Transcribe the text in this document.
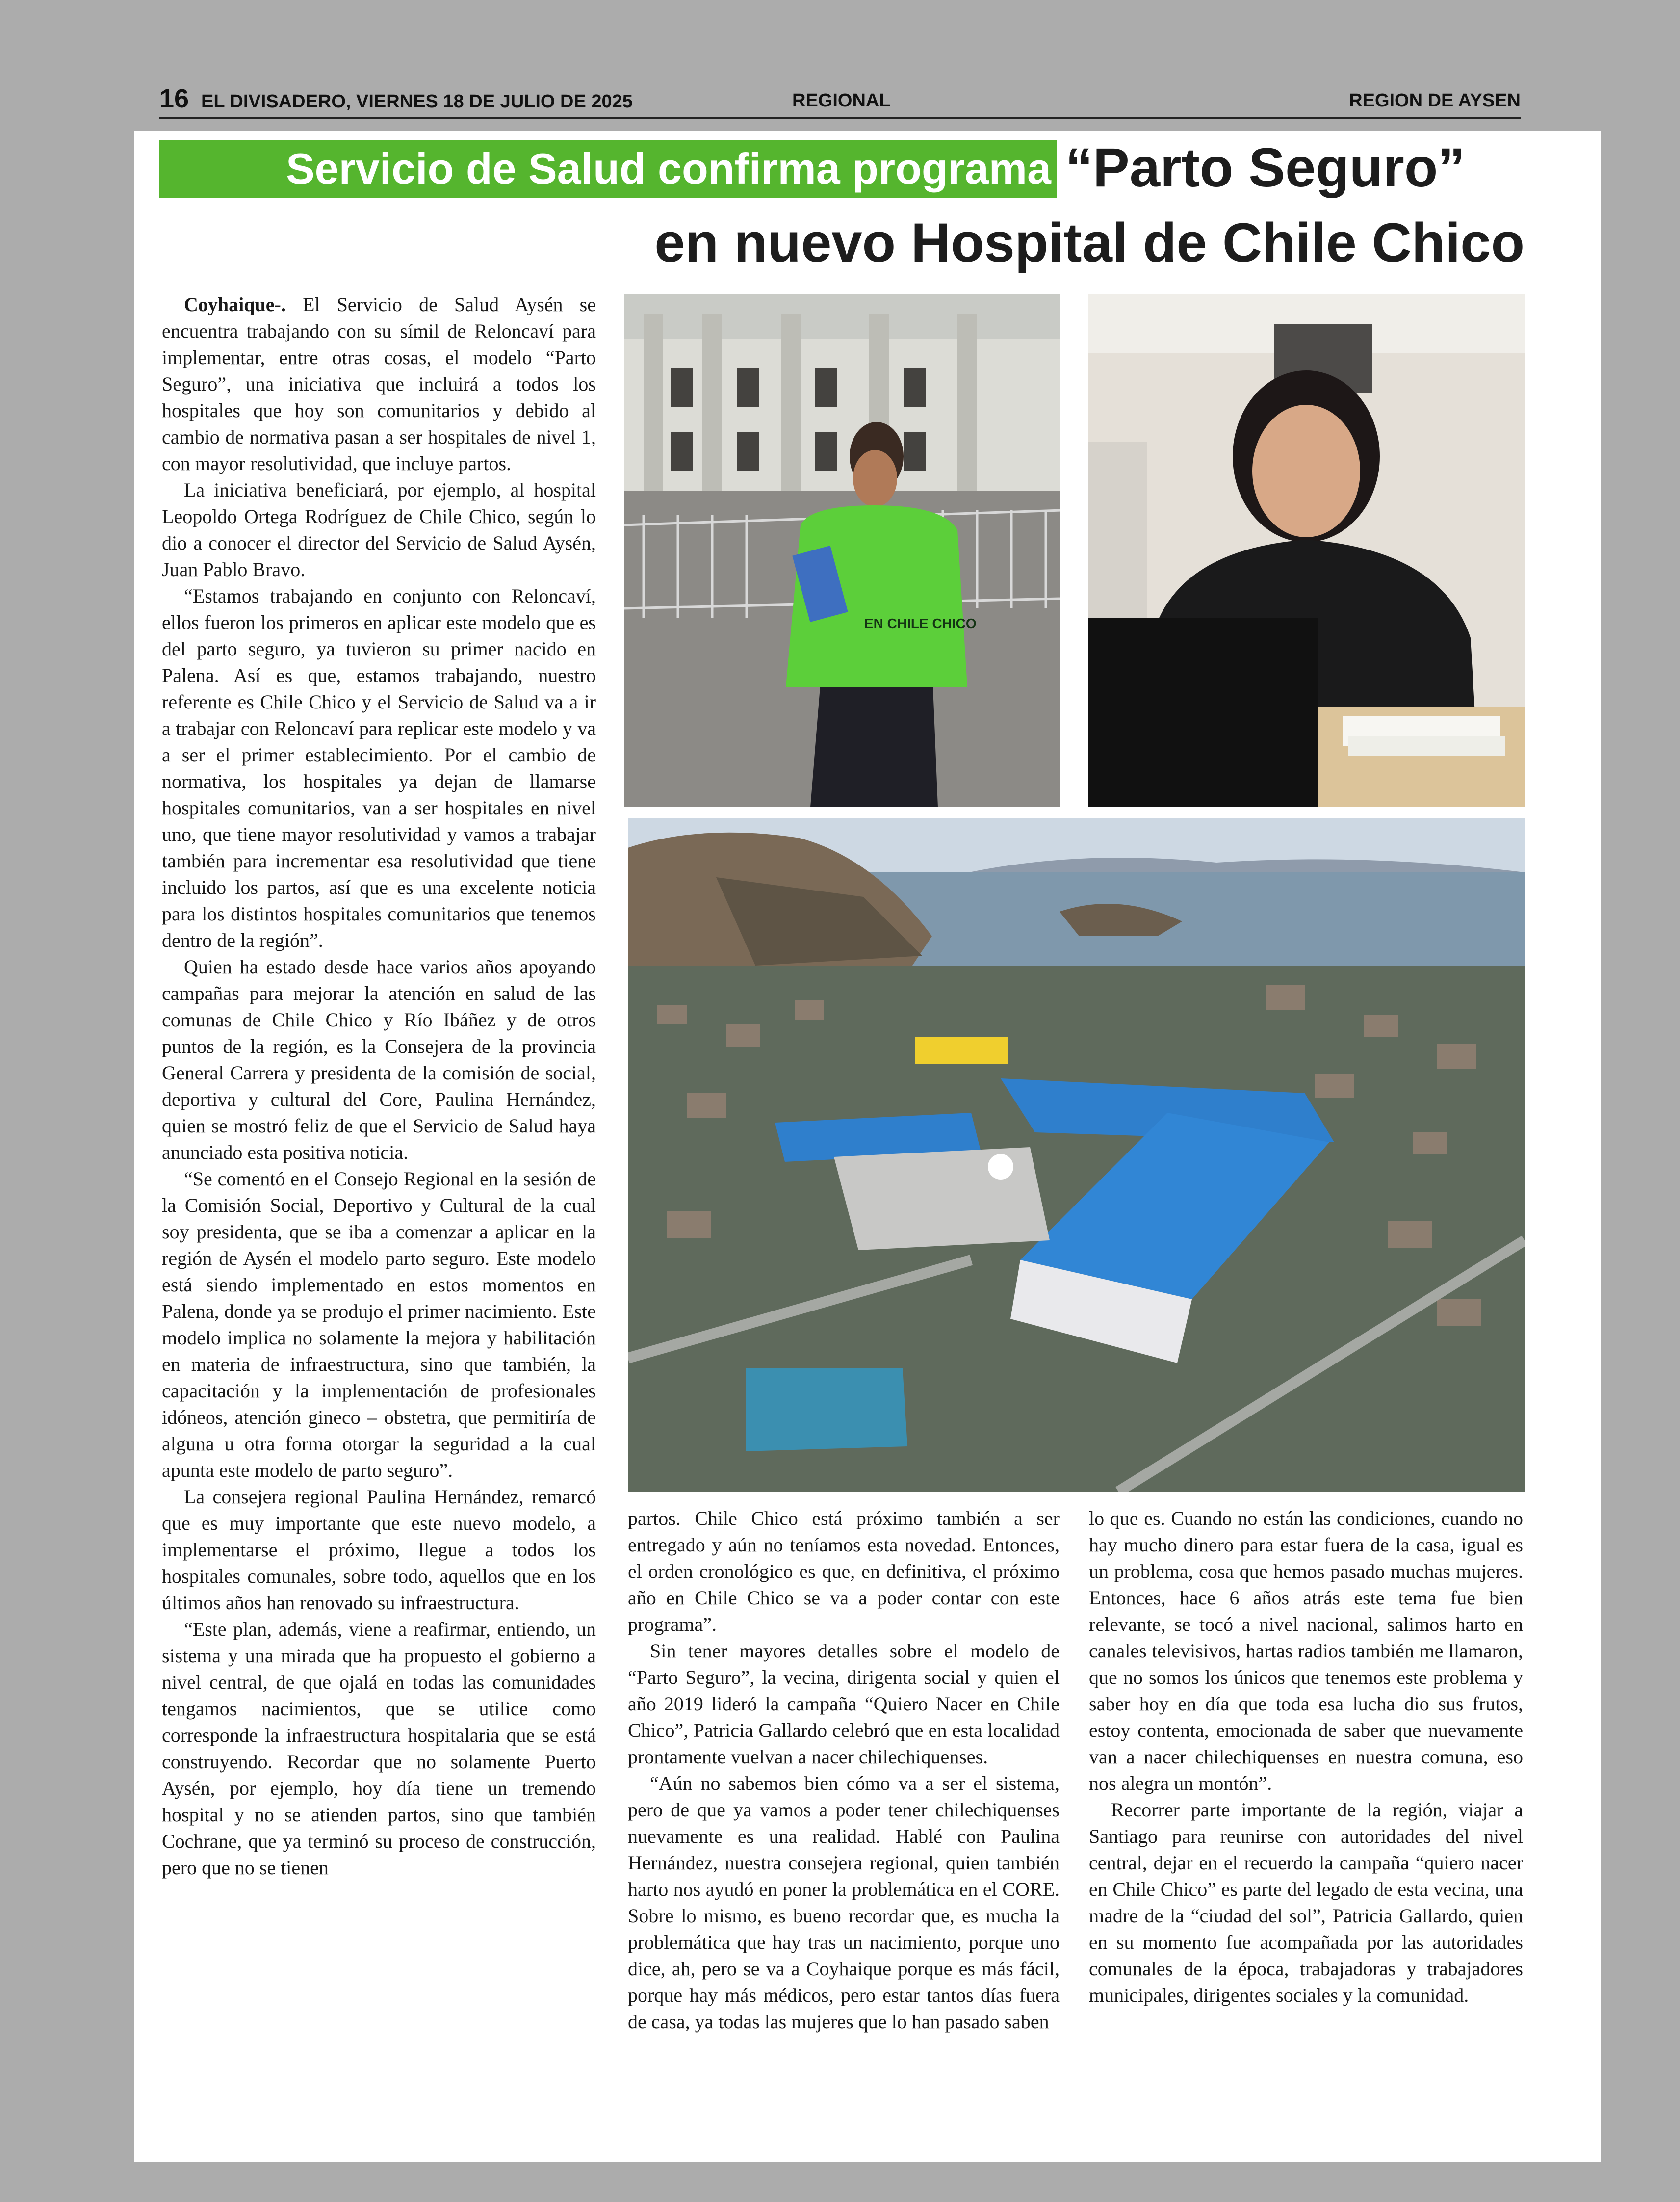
16 EL DIVISADERO, VIERNES 18 DE JULIO DE 2025	REGIONAL	REGION DE AYSEN
Servicio de Salud confirma programa “Parto Seguro”
en nuevo Hospital de Chile Chico

Coyhaique-. El Servicio de Salud Aysén se encuentra trabajando con su símil de Reloncaví para implementar, entre otras cosas, el modelo “Parto Seguro”, una iniciativa que incluirá a todos los hospitales que hoy son comunitarios y debido al cambio de normativa pasan a ser hospitales de nivel 1, con mayor resolutividad, que incluye partos.

La iniciativa beneficiará, por ejemplo, al hospital Leopoldo Ortega Rodríguez de Chile Chico, según lo dio a conocer el director del Servicio de Salud Aysén, Juan Pablo Bravo.

“Estamos trabajando en conjunto con Reloncaví, ellos fueron los primeros en aplicar este modelo que es del parto seguro, ya tuvieron su primer nacido en Palena. Así es que, estamos trabajando, nuestro referente es Chile Chico y el Servicio de Salud va a ir a trabajar con Reloncaví para replicar este modelo y va a ser el primer establecimiento. Por el cambio de normativa, los hospitales ya dejan de llamarse hospitales comunitarios, van a ser hospitales en nivel uno, que tiene mayor resolutividad y vamos a trabajar también para incrementar esa resolutividad que tiene incluido los partos, así que es una excelente noticia para los distintos hospitales comunitarios que tenemos dentro de la región”.

Quien ha estado desde hace varios años apoyando campañas para mejorar la atención en salud de las comunas de Chile Chico y Río Ibáñez y de otros puntos de la región, es la Consejera de la provincia General Carrera y presidenta de la comisión de social, deportiva y cultural del Core, Paulina Hernández, quien se mostró feliz de que el Servicio de Salud haya anunciado esta positiva noticia.

“Se comentó en el Consejo Regional en la sesión de la Comisión Social, Deportivo y Cultural de la cual soy presidenta, que se iba a comenzar a aplicar en la región de Aysén el modelo parto seguro. Este modelo está siendo implementado en estos momentos en Palena, donde ya se produjo el primer nacimiento. Este modelo implica no solamente la mejora y habilitación en materia de infraestructura, sino que también, la capacitación y la implementación de profesionales idóneos, atención gineco – obstetra, que permitiría de alguna u otra forma otorgar la seguridad a la cual apunta este modelo de parto seguro”.

La consejera regional Paulina Hernández, remarcó que es muy importante que este nuevo modelo, a implementarse el próximo, llegue a todos los hospitales comunales, sobre todo, aquellos que en los últimos años han renovado su infraestructura.

“Este plan, además, viene a reafirmar, entiendo, un sistema y una mirada que ha propuesto el gobierno a nivel central, de que ojalá en todas las comunidades tengamos nacimientos, que se utilice como corresponde la infraestructura hospitalaria que se está construyendo. Recordar que no solamente Puerto Aysén, por ejemplo, hoy día tiene un tremendo hospital y no se atienden partos, sino que también Cochrane, que ya terminó su proceso de construcción, pero que no se tienen

EN CHILE CHICO

partos. Chile Chico está próximo también a ser entregado y aún no teníamos esta novedad. Entonces, el orden cronológico es que, en definitiva, el próximo año en Chile Chico se va a poder contar con este programa”.

Sin tener mayores detalles sobre el modelo de “Parto Seguro”, la vecina, dirigenta social y quien el año 2019 lideró la campaña “Quiero Nacer en Chile Chico”, Patricia Gallardo celebró que en esta localidad prontamente vuelvan a nacer chilechiquenses.

“Aún no sabemos bien cómo va a ser el sistema, pero de que ya vamos a poder tener chilechiquenses nuevamente es una realidad. Hablé con Paulina Hernández, nuestra consejera regional, quien también harto nos ayudó en poner la problemática en el CORE. Sobre lo mismo, es bueno recordar que, es mucha la problemática que hay tras un nacimiento, porque uno dice, ah, pero se va a Coyhaique porque es más fácil, porque hay más médicos, pero estar tantos días fuera de casa, ya todas las mujeres que lo han pasado saben

lo que es. Cuando no están las condiciones, cuando no hay mucho dinero para estar fuera de la casa, igual es un problema, cosa que hemos pasado muchas mujeres. Entonces, hace 6 años atrás este tema fue bien relevante, se tocó a nivel nacional, salimos harto en canales televisivos, hartas radios también me llamaron, que no somos los únicos que tenemos este problema y saber hoy en día que toda esa lucha dio sus frutos, estoy contenta, emocionada de saber que nuevamente van a nacer chilechiquenses en nuestra comuna, eso nos alegra un montón”.

Recorrer parte importante de la región, viajar a Santiago para reunirse con autoridades del nivel central, dejar en el recuerdo la campaña “quiero nacer en Chile Chico” es parte del legado de esta vecina, una madre de la “ciudad del sol”, Patricia Gallardo, quien en su momento fue acompañada por las autoridades comunales de la época, trabajadoras y trabajadores municipales, dirigentes sociales y la comunidad.
